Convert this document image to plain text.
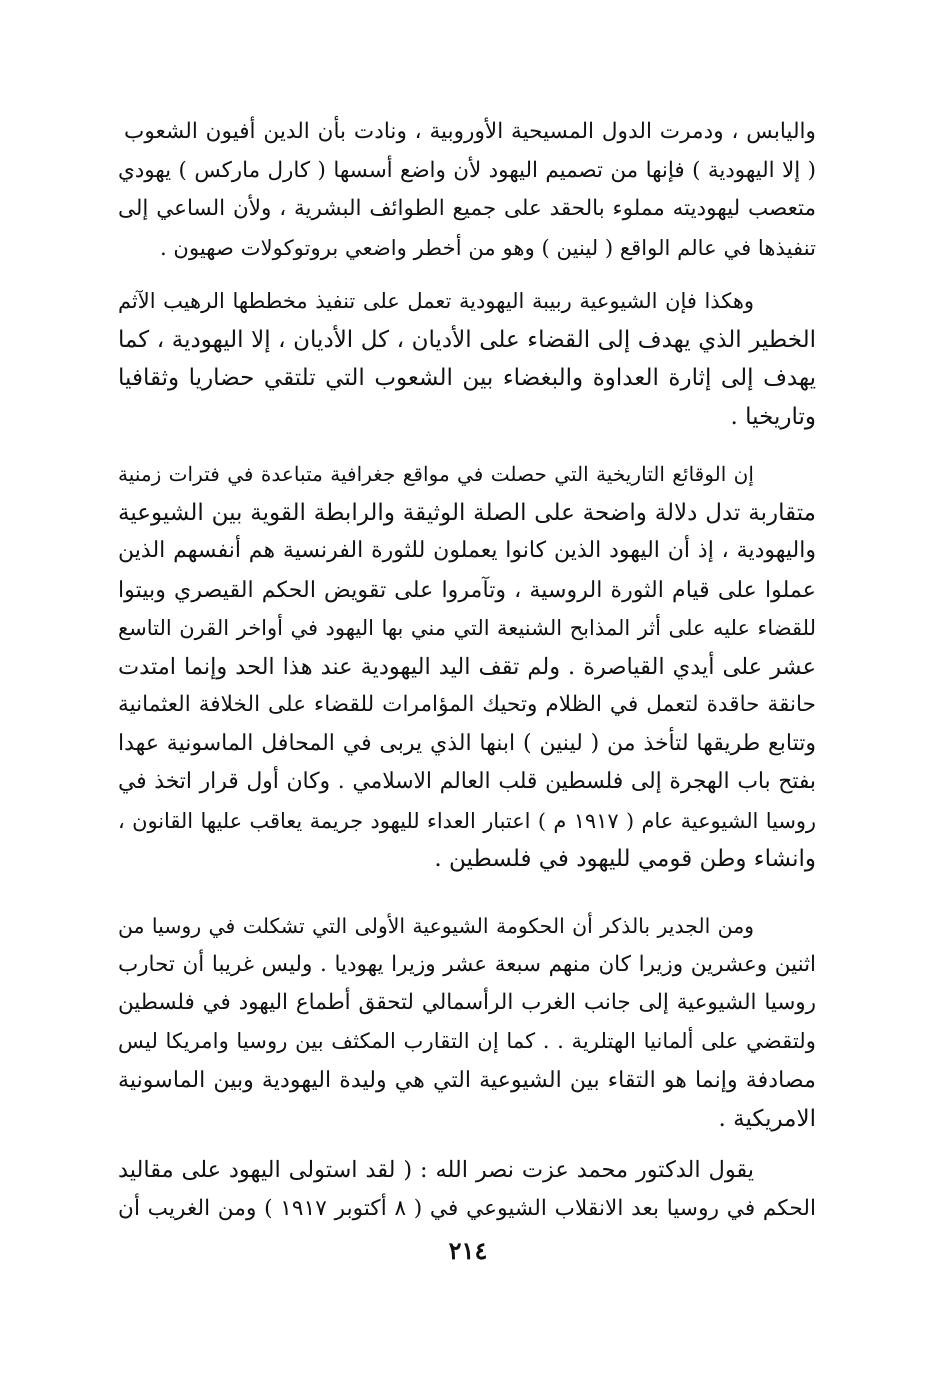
واليابس ، ودمرت الدول المسيحية الأوروبية ، ونادت بأن الدين أفيون الشعوب
( إلا اليهودية ) فإنها من تصميم اليهود لأن واضع أسسها ( كارل ماركس ) يهودي
متعصب ليهوديته مملوء بالحقد على جميع الطوائف البشرية ، ولأن الساعي إلى
تنفيذها في عالم الواقع ( لينين ) وهو من أخطر واضعي بروتوكولات صهيون .
وهكذا فإن الشيوعية ربيبة اليهودية تعمل على تنفيذ مخططها الرهيب الآثم
الخطير الذي يهدف إلى القضاء على الأديان ، كل الأديان ، إلا اليهودية ، كما
يهدف إلى إثارة العداوة والبغضاء بين الشعوب التي تلتقي حضاريا وثقافيا
وتاريخيا .
إن الوقائع التاريخية التي حصلت في مواقع جغرافية متباعدة في فترات زمنية
متقاربة تدل دلالة واضحة على الصلة الوثيقة والرابطة القوية بين الشيوعية
واليهودية ، إذ أن اليهود الذين كانوا يعملون للثورة الفرنسية هم أنفسهم الذين
عملوا على قيام الثورة الروسية ، وتآمروا على تقويض الحكم القيصري وبيتوا
للقضاء عليه على أثر المذابح الشنيعة التي مني بها اليهود في أواخر القرن التاسع
عشر على أيدي القياصرة . ولم تقف اليد اليهودية عند هذا الحد وإنما امتدت
حانقة حاقدة لتعمل في الظلام وتحيك المؤامرات للقضاء على الخلافة العثمانية
وتتابع طريقها لتأخذ من ( لينين ) ابنها الذي يربى في المحافل الماسونية عهدا
بفتح باب الهجرة إلى فلسطين قلب العالم الاسلامي . وكان أول قرار اتخذ في
روسيا الشيوعية عام ( ١٩١٧ م ) اعتبار العداء لليهود جريمة يعاقب عليها القانون ،
وانشاء وطن قومي لليهود في فلسطين .
ومن الجدير بالذكر أن الحكومة الشيوعية الأولى التي تشكلت في روسيا من
اثنين وعشرين وزيرا كان منهم سبعة عشر وزيرا يهوديا . وليس غريبا أن تحارب
روسيا الشيوعية إلى جانب الغرب الرأسمالي لتحقق أطماع اليهود في فلسطين
ولتقضي على ألمانيا الهتلرية . . كما إن التقارب المكثف بين روسيا وامريكا ليس
مصادفة وإنما هو التقاء بين الشيوعية التي هي وليدة اليهودية وبين الماسونية
الامريكية .
يقول الدكتور محمد عزت نصر الله : ( لقد استولى اليهود على مقاليد
الحكم في روسيا بعد الانقلاب الشيوعي في ( ٨ أكتوبر ١٩١٧ ) ومن الغريب أن
٢١٤
